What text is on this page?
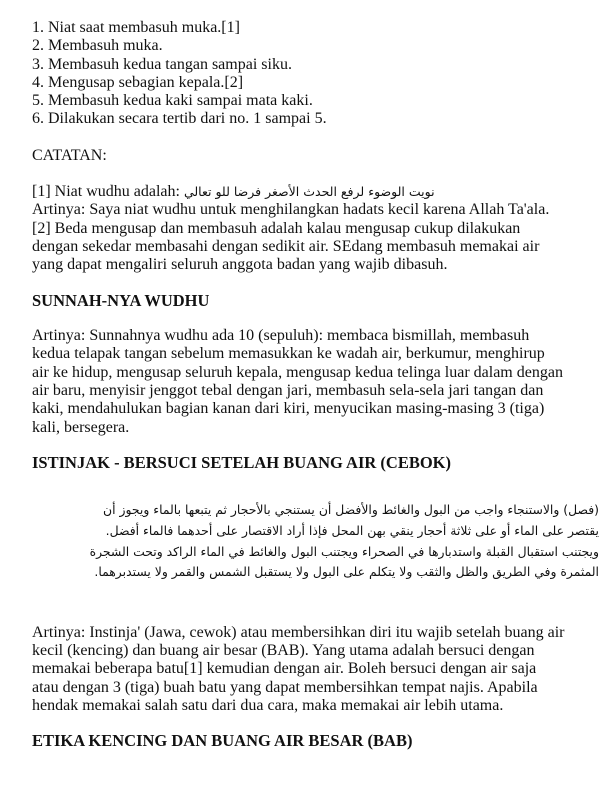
1. Niat saat membasuh muka.[1]

2. Membasuh muka.

3. Membasuh kedua tangan sampai siku.

4. Mengusap sebagian kepala.[2]

5. Membasuh kedua kaki sampai mata kaki.

6. Dilakukan secara tertib dari no. 1 sampai 5.

CATATAN:

[1] Niat wudhu adalah: نويت الوضوء لرفع الحدث الأصغر فرضا للو تعالي

Artinya: Saya niat wudhu untuk menghilangkan hadats kecil karena Allah Ta'ala.

[2] Beda mengusap dan membasuh adalah kalau mengusap cukup dilakukan

dengan sekedar membasahi dengan sedikit air. SEdang membasuh memakai air

yang dapat mengaliri seluruh anggota badan yang wajib dibasuh.

SUNNAH-NYA WUDHU

Artinya: Sunnahnya wudhu ada 10 (sepuluh): membaca bismillah, membasuh

kedua telapak tangan sebelum memasukkan ke wadah air, berkumur, menghirup

air ke hidup, mengusap seluruh kepala, mengusap kedua telinga luar dalam dengan

air baru, menyisir jenggot tebal dengan jari, membasuh sela-sela jari tangan dan

kaki, mendahulukan bagian kanan dari kiri, menyucikan masing-masing 3 (tiga)

kali, bersegera.

ISTINJAK - BERSUCI SETELAH BUANG AIR (CEBOK)

(فصل) والاستنجاء واجب من البول والغائط والأفضل أن يستنجي بالأحجار ثم يتبعها بالماء ويجوز أن

يقتصر على الماء أو على ثلاثة أحجار ينقي بهن المحل فإذا أراد الاقتصار على أحدهما فالماء أفضل.

ويجتنب استقبال القبلة واستدبارها في الصحراء ويجتنب البول والغائط في الماء الراكد وتحت الشجرة

المثمرة وفي الطريق والظل والثقب ولا يتكلم على البول ولا يستقبل الشمس والقمر ولا يستدبرهما.

Artinya: Instinja' (Jawa, cewok) atau membersihkan diri itu wajib setelah buang air

kecil (kencing) dan buang air besar (BAB). Yang utama adalah bersuci dengan

memakai beberapa batu[1] kemudian dengan air. Boleh bersuci dengan air saja

atau dengan 3 (tiga) buah batu yang dapat membersihkan tempat najis. Apabila

hendak memakai salah satu dari dua cara, maka memakai air lebih utama.

ETIKA KENCING DAN BUANG AIR BESAR (BAB)
